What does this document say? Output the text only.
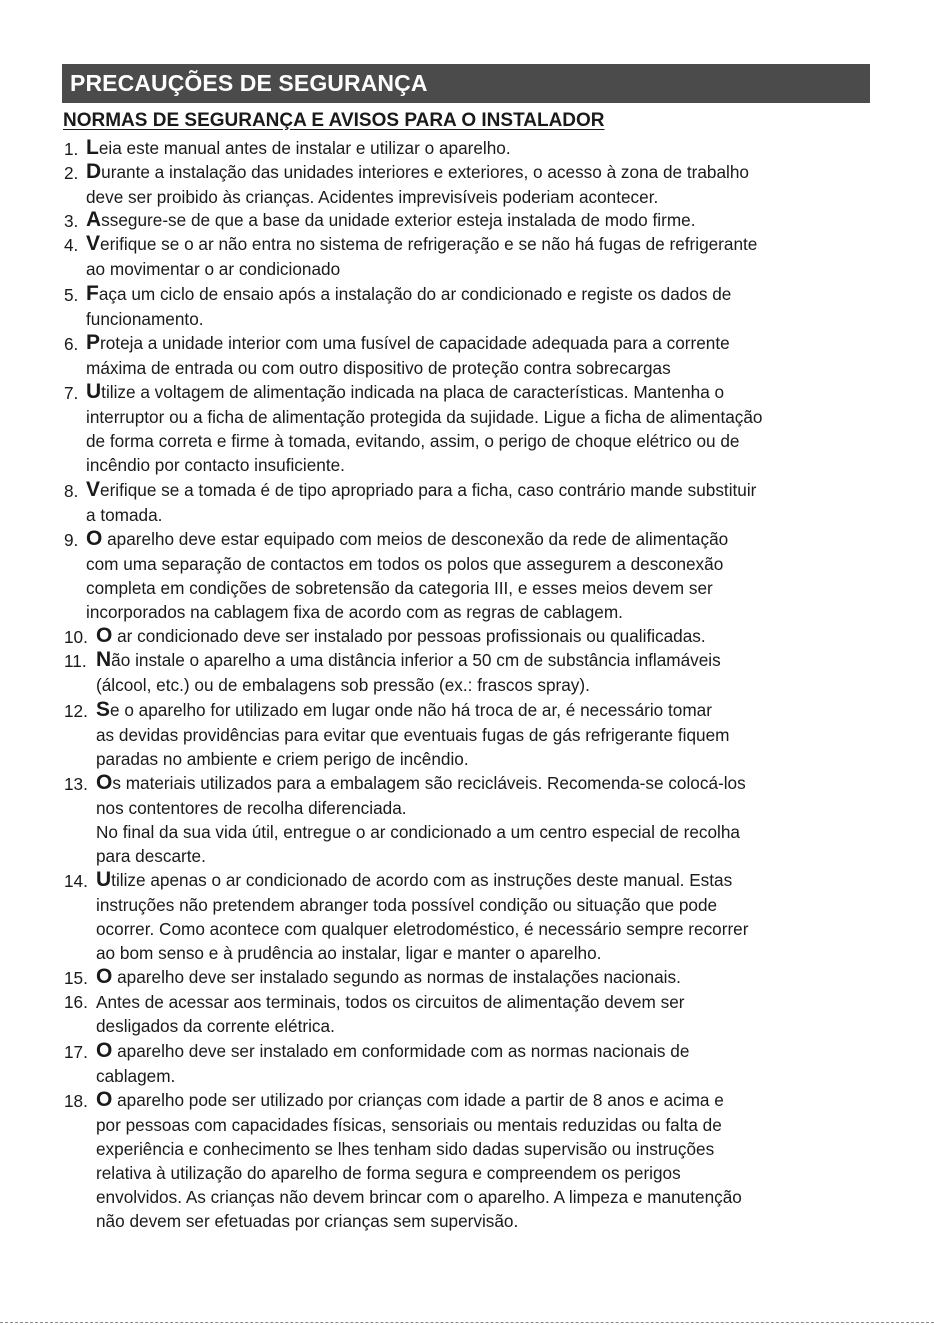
PRECAUÇÕES DE SEGURANÇA
NORMAS DE SEGURANÇA E AVISOS PARA O INSTALADOR
1. Leia este manual antes de instalar e utilizar o aparelho.
2. Durante a instalação das unidades interiores e exteriores, o acesso à zona de trabalho
deve ser proibido às crianças. Acidentes imprevisíveis poderiam acontecer.
3. Assegure-se de que a base da unidade exterior esteja instalada de modo firme.
4. Verifique se o ar não entra no sistema de refrigeração e se não há fugas de refrigerante
ao movimentar o ar condicionado
5. Faça um ciclo de ensaio após a instalação do ar condicionado e registe os dados de
funcionamento.
6. Proteja a unidade interior com uma fusível de capacidade adequada para a corrente
máxima de entrada ou com outro dispositivo de proteção contra sobrecargas
7. Utilize a voltagem de alimentação indicada na placa de características. Mantenha o
interruptor ou a ficha de alimentação protegida da sujidade. Ligue a ficha de alimentação
de forma correta e firme à tomada, evitando, assim, o perigo de choque elétrico ou de
incêndio por contacto insuficiente.
8. Verifique se a tomada é de tipo apropriado para a ficha, caso contrário mande substituir
a tomada.
9. O aparelho deve estar equipado com meios de desconexão da rede de alimentação
com uma separação de contactos em todos os polos que assegurem a desconexão
completa em condições de sobretensão da categoria III, e esses meios devem ser
incorporados na cablagem fixa de acordo com as regras de cablagem.
10. O ar condicionado deve ser instalado por pessoas profissionais ou qualificadas.
11. Não instale o aparelho a uma distância inferior a 50 cm de substância inflamáveis
(álcool, etc.) ou de embalagens sob pressão (ex.: frascos spray).
12. Se o aparelho for utilizado em lugar onde não há troca de ar, é necessário tomar
as devidas providências para evitar que eventuais fugas de gás refrigerante fiquem
paradas no ambiente e criem perigo de incêndio.
13. Os materiais utilizados para a embalagem são recicláveis. Recomenda-se colocá-los
nos contentores de recolha diferenciada.
No final da sua vida útil, entregue o ar condicionado a um centro especial de recolha
para descarte.
14. Utilize apenas o ar condicionado de acordo com as instruções deste manual. Estas
instruções não pretendem abranger toda possível condição ou situação que pode
ocorrer. Como acontece com qualquer eletrodoméstico, é necessário sempre recorrer
ao bom senso e à prudência ao instalar, ligar e manter o aparelho.
15. O aparelho deve ser instalado segundo as normas de instalações nacionais.
16. Antes de acessar aos terminais, todos os circuitos de alimentação devem ser
desligados da corrente elétrica.
17. O aparelho deve ser instalado em conformidade com as normas nacionais de
cablagem.
18. O aparelho pode ser utilizado por crianças com idade a partir de 8 anos e acima e
por pessoas com capacidades físicas, sensoriais ou mentais reduzidas ou falta de
experiência e conhecimento se lhes tenham sido dadas supervisão ou instruções
relativa à utilização do aparelho de forma segura e compreendem os perigos
envolvidos. As crianças não devem brincar com o aparelho. A limpeza e manutenção
não devem ser efetuadas por crianças sem supervisão.
